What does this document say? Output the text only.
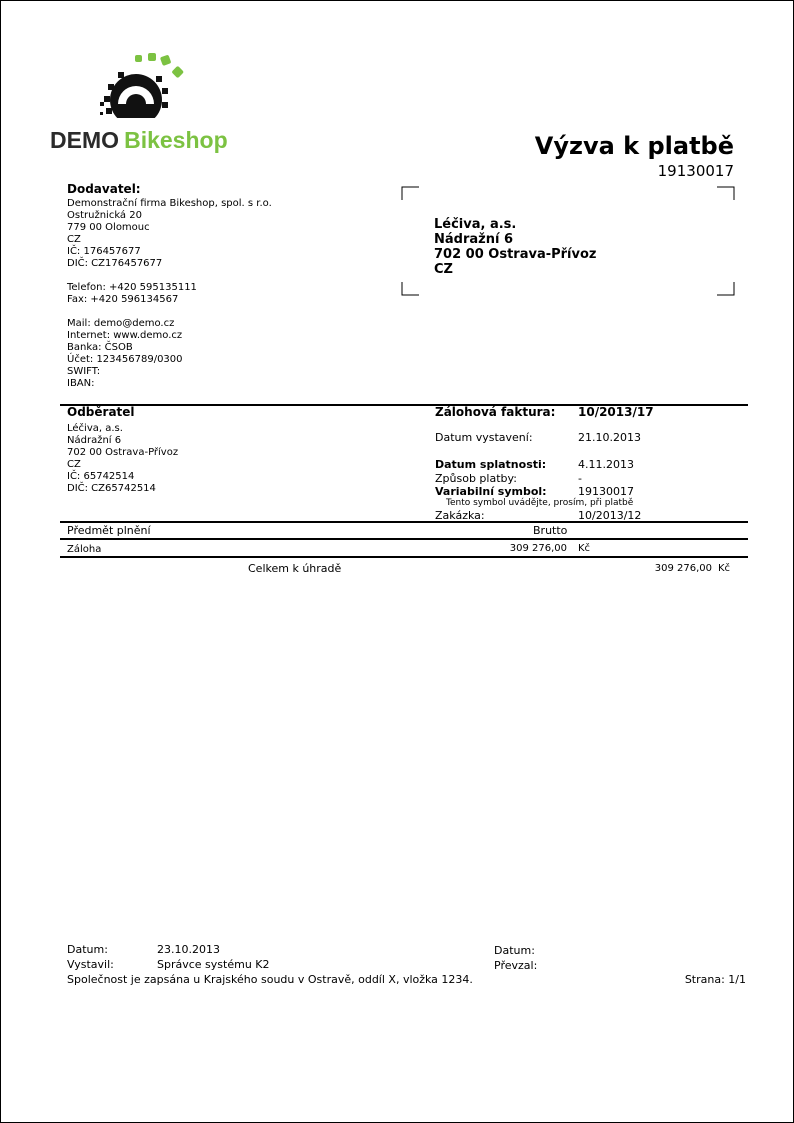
DEMO Bikeshop	Výzva k platbě
19130017
Dodavatel:
Demonstrační firma Bikeshop, spol. s r.o.
Ostružnická 20
779 00 Olomouc
CZ
IČ: 176457677
DIČ: CZ176457677
Telefon: +420 595135111
Fax: +420 596134567
Mail: demo@demo.cz
Internet: www.demo.cz
Banka: ČSOB
Účet: 123456789/0300
SWIFT:
IBAN:
Léčiva, a.s.
Nádražní 6
702 00 Ostrava-Přívoz
CZ
Odběratel
Léčiva, a.s.
Nádražní 6
702 00 Ostrava-Přívoz
CZ
IČ: 65742514
DIČ: CZ65742514
Zálohová faktura: 10/2013/17
Datum vystavení:	21.10.2013
Datum splatnosti:	4.11.2013
Způsob platby:	-
Variabilní symbol:	19130017
Tento symbol uvádějte, prosím, při platbě
Zakázka:	10/2013/12
Předmět plnění	Brutto
Záloha	309 276,00 Kč
Celkem k úhradě	309 276,00 Kč
Datum:	23.10.2013
Vystavil:	Správce systému K2
Datum:
Převzal:
Společnost je zapsána u Krajského soudu v Ostravě, oddíl X, vložka 1234.	Strana: 1/1
